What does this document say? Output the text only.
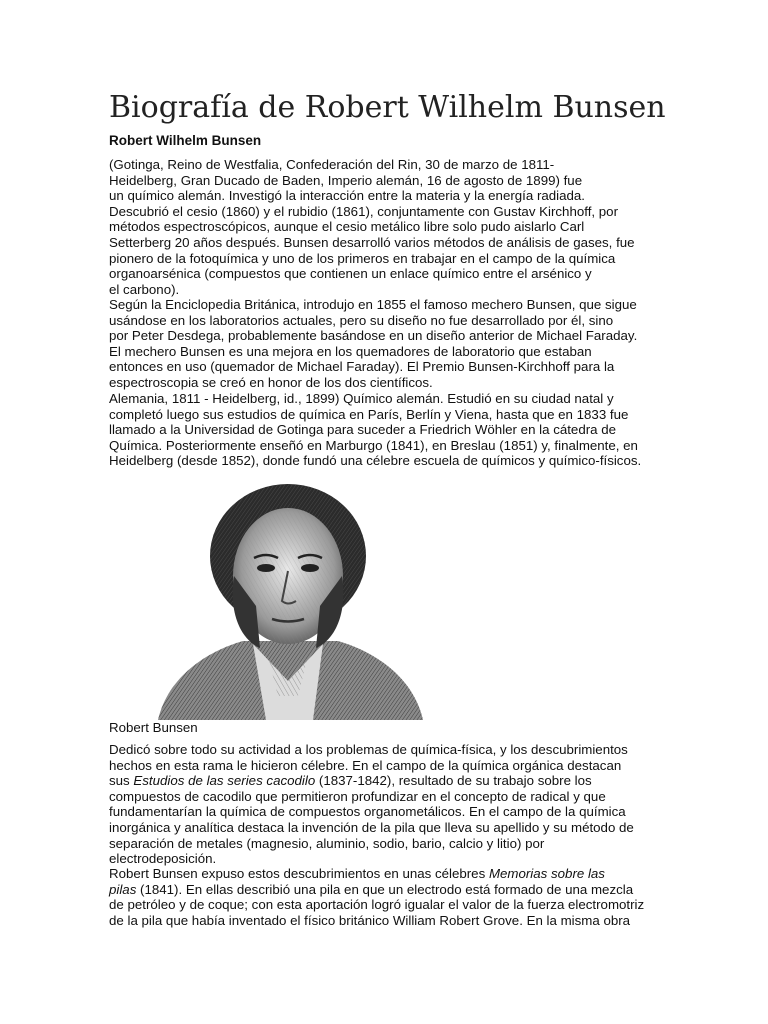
Biografía de Robert Wilhelm Bunsen
Robert Wilhelm Bunsen
(Gotinga, Reino de Westfalia, Confederación del Rin, 30 de marzo de 1811-
Heidelberg, Gran Ducado de Baden, Imperio alemán, 16 de agosto de 1899) fue
un químico alemán. Investigó la interacción entre la materia y la energía radiada.
Descubrió el cesio (1860) y el rubidio (1861), conjuntamente con Gustav Kirchhoff, por
métodos espectroscópicos, aunque el cesio metálico libre solo pudo aislarlo Carl
Setterberg 20 años después. Bunsen desarrolló varios métodos de análisis de gases, fue
pionero de la fotoquímica y uno de los primeros en trabajar en el campo de la química
organoarsénica (compuestos que contienen un enlace químico entre el arsénico y
el carbono).
Según la Enciclopedia Británica, introdujo en 1855 el famoso mechero Bunsen, que sigue
usándose en los laboratorios actuales, pero su diseño no fue desarrollado por él, sino
por Peter Desdega, probablemente basándose en un diseño anterior de Michael Faraday.
El mechero Bunsen es una mejora en los quemadores de laboratorio que estaban
entonces en uso (quemador de Michael Faraday). El Premio Bunsen-Kirchhoff para la
espectroscopia se creó en honor de los dos científicos.
Alemania, 1811 - Heidelberg, id., 1899) Químico alemán. Estudió en su ciudad natal y
completó luego sus estudios de química en París, Berlín y Viena, hasta que en 1833 fue
llamado a la Universidad de Gotinga para suceder a Friedrich Wöhler en la cátedra de
Química. Posteriormente enseñó en Marburgo (1841), en Breslau (1851) y, finalmente, en
Heidelberg (desde 1852), donde fundó una célebre escuela de químicos y químico-físicos.
Robert Bunsen
Dedicó sobre todo su actividad a los problemas de química-física, y los descubrimientos
hechos en esta rama le hicieron célebre. En el campo de la química orgánica destacan
sus Estudios de las series cacodilo (1837-1842), resultado de su trabajo sobre los
compuestos de cacodilo que permitieron profundizar en el concepto de radical y que
fundamentarían la química de compuestos organometálicos. En el campo de la química
inorgánica y analítica destaca la invención de la pila que lleva su apellido y su método de
separación de metales (magnesio, aluminio, sodio, bario, calcio y litio) por
electrodeposición.
Robert Bunsen expuso estos descubrimientos en unas célebres Memorias sobre las
pilas (1841). En ellas describió una pila en que un electrodo está formado de una mezcla
de petróleo y de coque; con esta aportación logró igualar el valor de la fuerza electromotriz
de la pila que había inventado el físico británico William Robert Grove. En la misma obra
